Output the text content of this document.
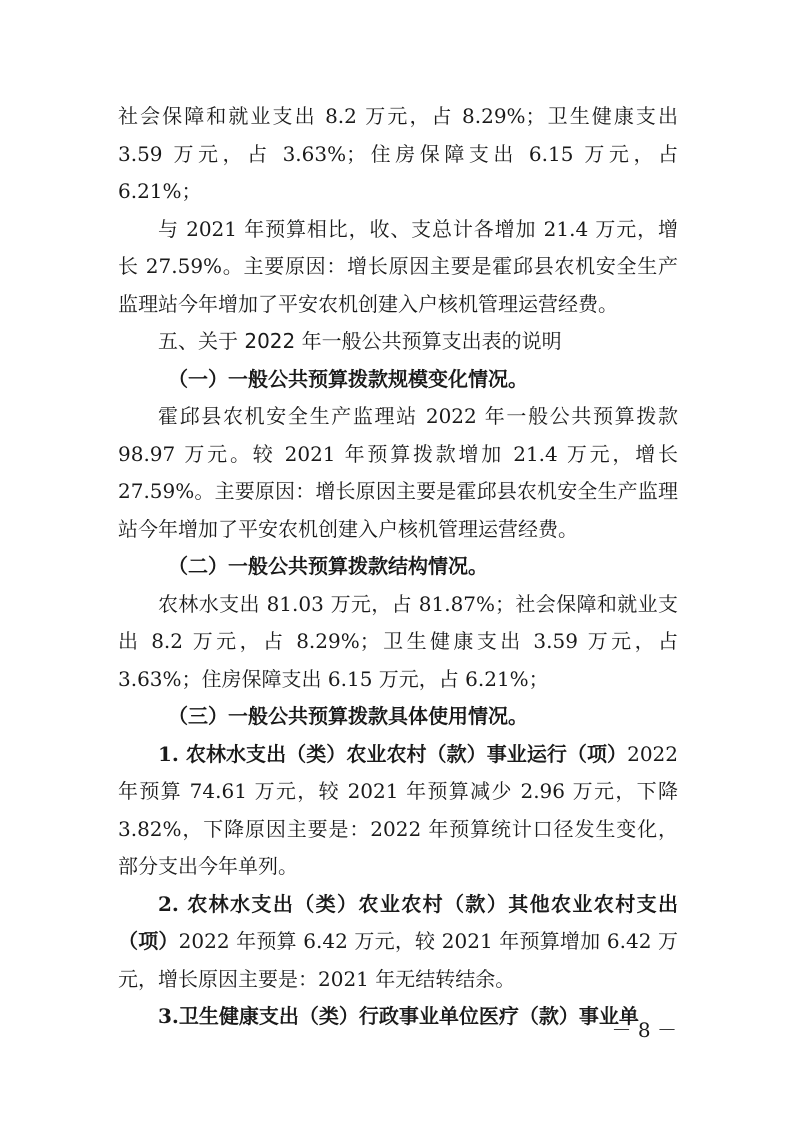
社会保障和就业支出 8.2 万元，占 8.29%；卫生健康支出 3.59 万元，占 3.63%；住房保障支出 6.15 万元，占 6.21%；

与 2021 年预算相比，收、支总计各增加 21.4 万元，增长 27.59%。主要原因：增长原因主要是霍邱县农机安全生产监理站今年增加了平安农机创建入户核机管理运营经费。

五、关于 2022 年一般公共预算支出表的说明

（一）一般公共预算拨款规模变化情况。

霍邱县农机安全生产监理站 2022 年一般公共预算拨款 98.97 万元。较 2021 年预算拨款增加 21.4 万元，增长 27.59%。主要原因：增长原因主要是霍邱县农机安全生产监理站今年增加了平安农机创建入户核机管理运营经费。

（二）一般公共预算拨款结构情况。

农林水支出 81.03 万元，占 81.87%；社会保障和就业支出 8.2 万元，占 8.29%；卫生健康支出 3.59 万元，占 3.63%；住房保障支出 6.15 万元，占 6.21%；

（三）一般公共预算拨款具体使用情况。

1. 农林水支出（类）农业农村（款）事业运行（项）2022 年预算 74.61 万元，较 2021 年预算减少 2.96 万元，下降 3.82%，下降原因主要是：2022 年预算统计口径发生变化，部分支出今年单列。

2. 农林水支出（类）农业农村（款）其他农业农村支出（项）2022 年预算 6.42 万元，较 2021 年预算增加 6.42 万元，增长原因主要是：2021 年无结转结余。

3.卫生健康支出（类）行政事业单位医疗（款）事业单

－ 8 －
